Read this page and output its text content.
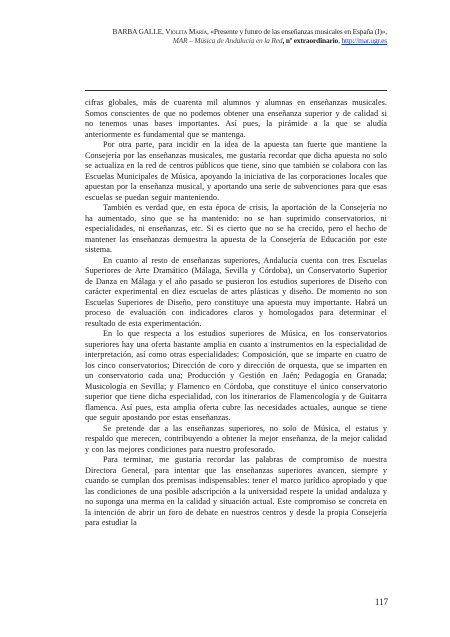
BARBA GALLE, Violeta María, «Presente y futuro de las enseñanzas musicales en España (I)»,
MAR – Música de Andalucía en la Red, nº extraordinario, http://mar.ugr.es

cifras globales, más de cuarenta mil alumnos y alumnas en enseñanzas musicales. Somos conscientes de que no podemos obtener una enseñanza superior y de calidad si no tenemos unas bases importantes. Así pues, la pirámide a la que se aludía anteriormente es fundamental que se mantenga.

Por otra parte, para incidir en la idea de la apuesta tan fuerte que mantiene la Consejería por las enseñanzas musicales, me gustaría recordar que dicha apuesta no solo se actualiza en la red de centros públicos que tiene, sino que también se colabora con las Escuelas Municipales de Música, apoyando la iniciativa de las corporaciones locales que apuestan por la enseñanza musical, y aportando una serie de subvenciones para que esas escuelas se puedan seguir manteniendo.

También es verdad que, en esta época de crisis, la aportación de la Consejería no ha aumentado, sino que se ha mantenido: no se han suprimido conservatorios, ni especialidades, ni enseñanzas, etc. Si es cierto que no se ha crecido, pero el hecho de mantener las enseñanzas demuestra la apuesta de la Consejería de Educación por este sistema.

En cuanto al resto de enseñanzas superiores, Andalucía cuenta con tres Escuelas Superiores de Arte Dramático (Málaga, Sevilla y Córdoba), un Conservatorio Superior de Danza en Málaga y el año pasado se pusieron los estudios superiores de Diseño con carácter experimental en diez escuelas de artes plásticas y diseño. De momento no son Escuelas Superiores de Diseño, pero constituye una apuesta muy importante. Habrá un proceso de evaluación con indicadores claros y homologados para determinar el resultado de esta experimentación.

En lo que respecta a los estudios superiores de Música, en los conservatorios superiores hay una oferta bastante amplia en cuanto a instrumentos en la especialidad de interpretación, así como otras especialidades: Composición, que se imparte en cuatro de los cinco conservatorios; Dirección de coro y dirección de orquesta, que se imparten en un conservatorio cada una; Producción y Gestión en Jaén; Pedagogía en Granada; Musicología en Sevilla; y Flamenco en Córdoba, que constituye el único conservatorio superior que tiene dicha especialidad, con los itinerarios de Flamencología y de Guitarra flamenca. Así pues, esta amplia oferta cubre las necesidades actuales, aunque se tiene que seguir apostando por estas enseñanzas.

Se pretende dar a las enseñanzas superiores, no solo de Música, el estatus y respaldo que merecen, contribuyendo a obtener la mejor enseñanza, de la mejor calidad y con las mejores condiciones para nuestro profesorado.

Para terminar, me gustaría recordar las palabras de compromiso de nuestra Directora General, para intentar que las enseñanzas superiores avancen, siempre y cuando se cumplan dos premisas indispensables: tener el marco jurídico apropiado y que las condiciones de una posible adscripción a la universidad respete la unidad andaluza y no suponga una merma en la calidad y situación actual. Este compromiso se concreta en la intención de abrir un foro de debate en nuestros centros y desde la propia Consejería para estudiar la

117
